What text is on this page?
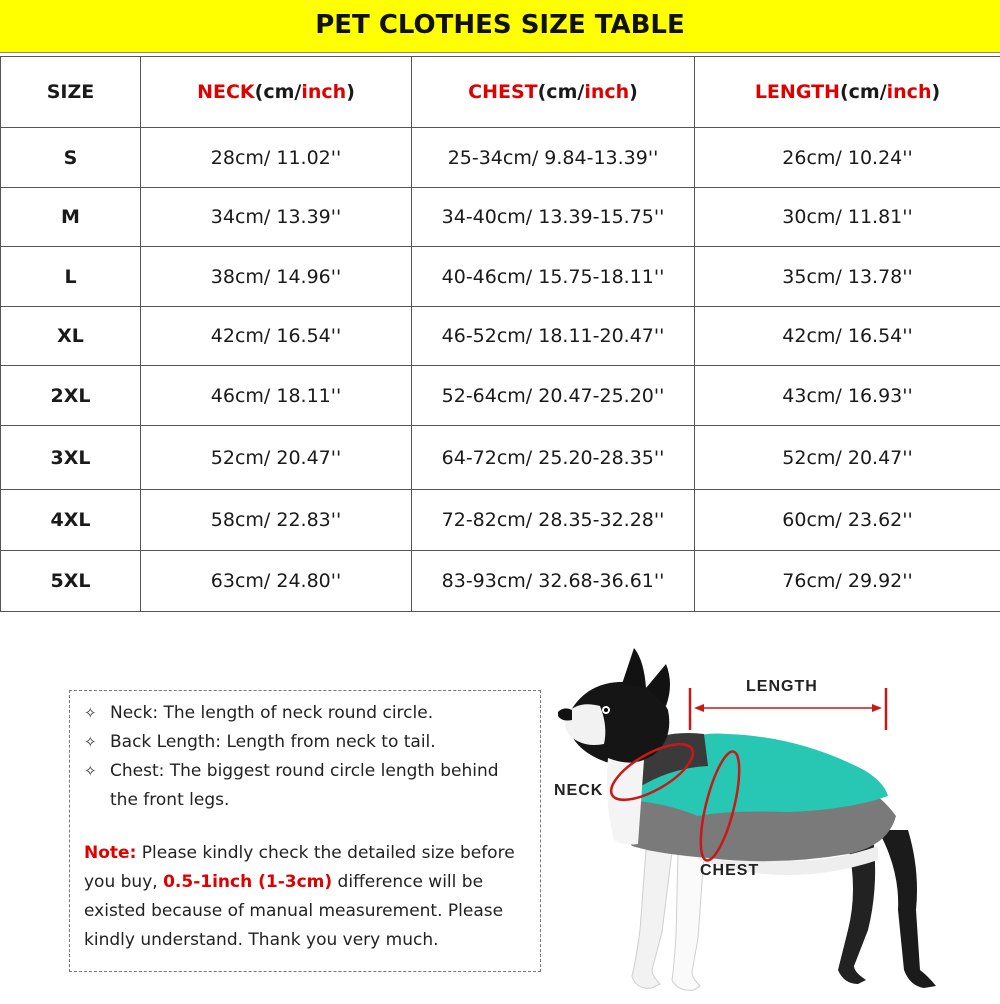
PET CLOTHES SIZE TABLE
SIZE	NECK(cm/inch)	CHEST(cm/inch)	LENGTH(cm/inch)
S	28cm/ 11.02''	25-34cm/ 9.84-13.39''	26cm/ 10.24''
M	34cm/ 13.39''	34-40cm/ 13.39-15.75''	30cm/ 11.81''
L	38cm/ 14.96''	40-46cm/ 15.75-18.11''	35cm/ 13.78''
XL	42cm/ 16.54''	46-52cm/ 18.11-20.47''	42cm/ 16.54''
2XL	46cm/ 18.11''	52-64cm/ 20.47-25.20''	43cm/ 16.93''
3XL	52cm/ 20.47''	64-72cm/ 25.20-28.35''	52cm/ 20.47''
4XL	58cm/ 22.83''	72-82cm/ 28.35-32.28''	60cm/ 23.62''
5XL	63cm/ 24.80''	83-93cm/ 32.68-36.61''	76cm/ 29.92''
✧ Neck: The length of neck round circle.
✧ Back Length: Length from neck to tail.
✧ Chest: The biggest round circle length behind the front legs.
Note: Please kindly check the detailed size before you buy, 0.5-1inch (1-3cm) difference will be existed because of manual measurement. Please kindly understand. Thank you very much.
LENGTH
NECK
CHEST
